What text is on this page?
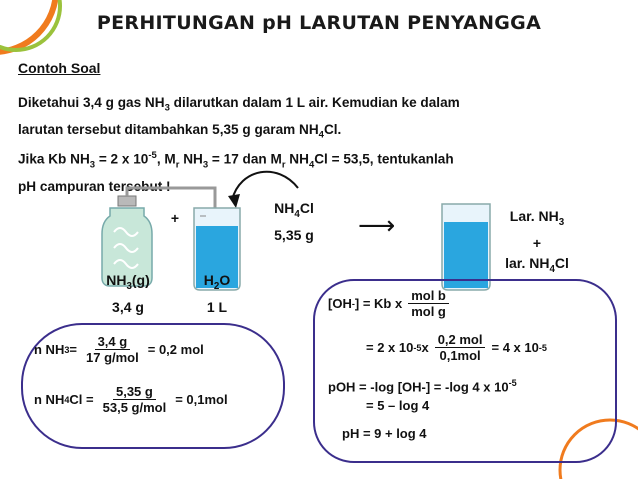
PERHITUNGAN pH LARUTAN PENYANGGA
Contoh Soal

Diketahui 3,4 g gas $NH_3$ dilarutkan dalam 1 L air. Kemudian ke dalam

larutan tersebut ditambahkan 5,35 g garam $NH_4Cl$.

Jika Kb $NH_3 = 2$ x $10^{-5}$, $M_r$ $NH_3 = 17$ dan $M_r$ $NH_4Cl = 53,5$, tentukanlah

pH campuran tersebut !

+
$NH_4Cl$
5,35 g	⟶	Lar. $NH_3$
+
lar. $NH_4Cl$
$NH_3(g)$
3,4 g
$H_2O$
1 L
n NH $3 = \frac{3,4 g}{\text{17 g/mol}} = 0,2$ mol
n NH 4 $Cl = \frac{5,35 g}{\text{53,5 g/mol}} = 0,1mol$
[OH - ] = Kb x $\frac{\text{mol b}}{\text{mol g}}$
= 2 x 10 -5 x $\frac{\text{0,2 mol}}{\text{0,1mol}} = 4$ x 10 -5
pOH = -log [OH-] = -log 4 x $10^{-5}$
= 5 – log 4
pH = 9 + log 4
